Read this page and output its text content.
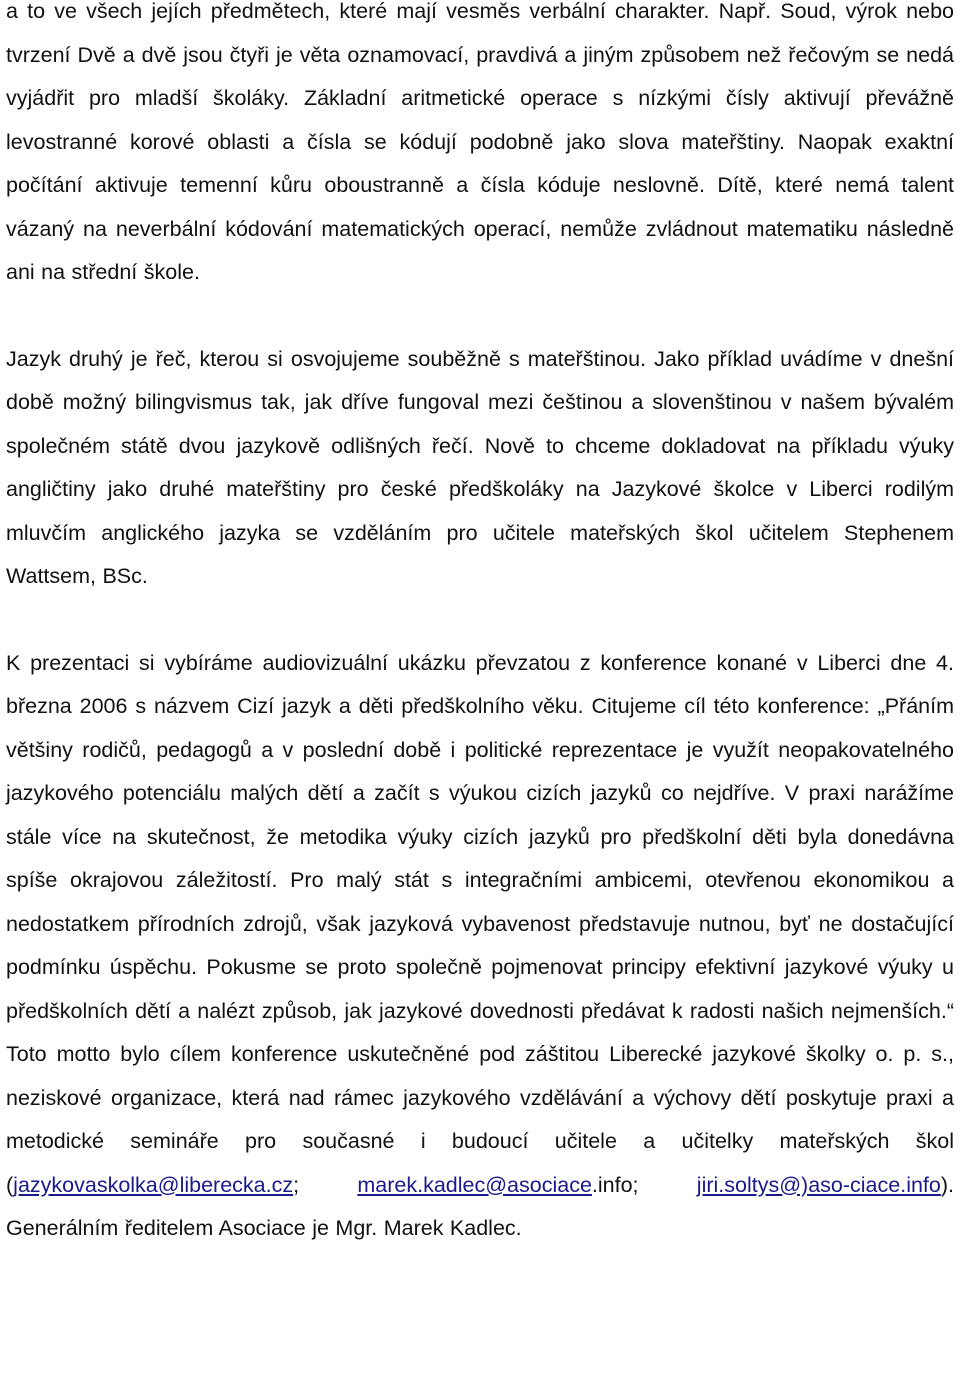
a to ve všech jejích předmětech, které mají vesměs verbální charakter. Např. Soud, výrok nebo tvrzení Dvě a dvě jsou čtyři je věta oznamovací, pravdivá a jiným způsobem než řečovým se nedá vyjádřit pro mladší školáky. Základní aritmetické operace s nízkými čísly aktivují převážně levostranné korové oblasti a čísla se kódují podobně jako slova mateřštiny. Naopak exaktní počítání aktivuje temenní kůru oboustranně a čísla kóduje neslovně. Dítě, které nemá talent vázaný na neverbální kódování matematických operací, nemůže zvládnout matematiku následně ani na střední škole.

Jazyk druhý je řeč, kterou si osvojujeme souběžně s mateřštinou. Jako příklad uvádíme v dnešní době možný bilingvismus tak, jak dříve fungoval mezi češtinou a slovenštinou v našem bývalém společném státě dvou jazykově odlišných řečí. Nově to chceme dokladovat na příkladu výuky angličtiny jako druhé mateřštiny pro české předškoláky na Jazykové školce v Liberci rodilým mluvčím anglického jazyka se vzděláním pro učitele mateřských škol učitelem Stephenem Wattsem, BSc.

K prezentaci si vybíráme audiovizuální ukázku převzatou z konference konané v Liberci dne 4. března 2006 s názvem Cizí jazyk a děti předškolního věku. Citujeme cíl této konference: „Přáním většiny rodičů, pedagogů a v poslední době i politické reprezentace je využít neopakovatelného jazykového potenciálu malých dětí a začít s výukou cizích jazyků co nejdříve. V praxi narážíme stále více na skutečnost, že metodika výuky cizích jazyků pro předškolní děti byla donedávna spíše okrajovou záležitostí. Pro malý stát s integračními ambicemi, otevřenou ekonomikou a nedostatkem přírodních zdrojů, však jazyková vybavenost představuje nutnou, byť ne dostačující podmínku úspěchu. Pokusme se proto společně pojmenovat principy efektivní jazykové výuky u předškolních dětí a nalézt způsob, jak jazykové dovednosti předávat k radosti našich nejmenších.“ Toto motto bylo cílem konference uskutečněné pod záštitou Liberecké jazykové školky o. p. s., neziskové organizace, která nad rámec jazykového vzdělávání a výchovy dětí poskytuje praxi a metodické semináře pro současné i budoucí učitele a učitelky mateřských škol (jazykovaskolka@liberecka.cz; marek.kadlec@asociace.info; jiri.soltys@)aso-ciace.info). Generálním ředitelem Asociace je Mgr. Marek Kadlec.
